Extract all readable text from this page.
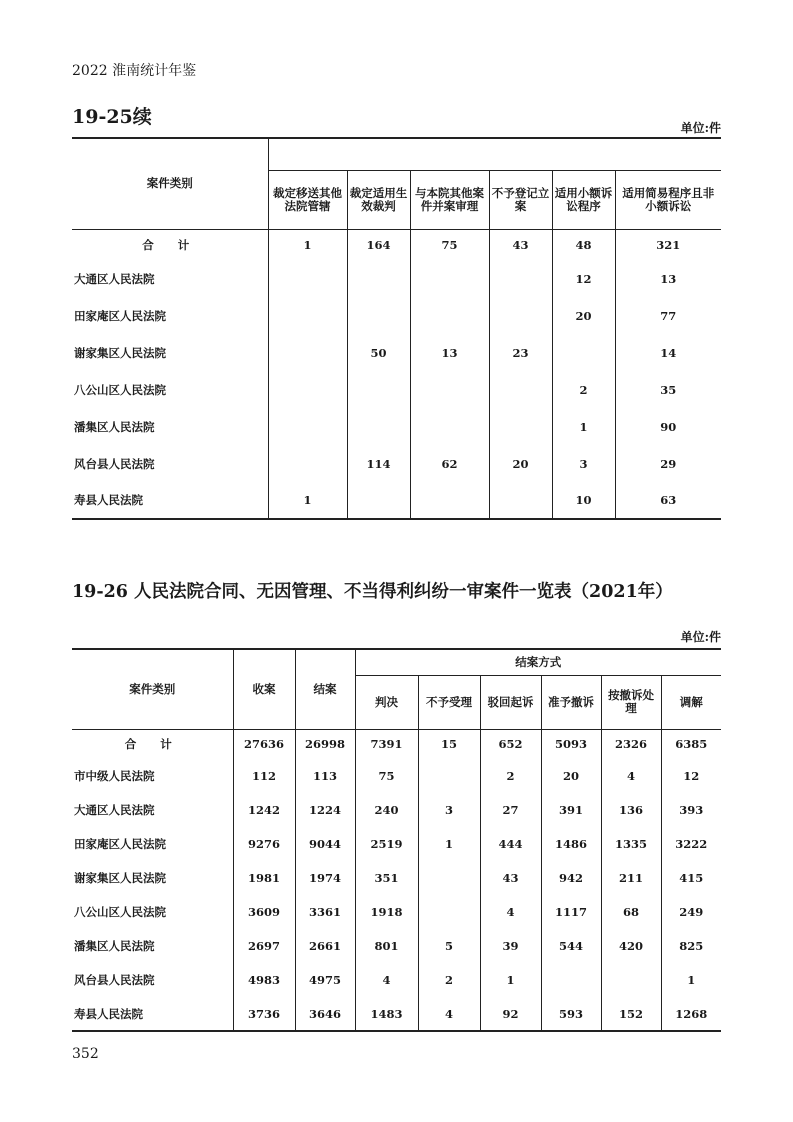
2022 淮南统计年鉴
19-25续	单位:件
案件类别						
	裁定移送其他法院管辖	裁定适用生效裁判	与本院其他案件并案审理	不予登记立案	适用小额诉讼程序	适用简易程序且非小额诉讼
合 计	1	164	75	43	48	321
大通区人民法院					12	13
田家庵区人民法院					20	77
谢家集区人民法院		50	13	23		14
八公山区人民法院					2	35
潘集区人民法院					1	90
风台县人民法院		114	62	20	3	29
寿县人民法院	1				10	63
19-26 人民法院合同、无因管理、不当得利纠纷一审案件一览表（2021年）
单位:件
案件类别	收案	结案	结案方式					
			判决	不予受理	驳回起诉	准予撤诉	按撤诉处理	调解
合 计	27636	26998	7391	15	652	5093	2326	6385
市中级人民法院	112	113	75		2	20	4	12
大通区人民法院	1242	1224	240	3	27	391	136	393
田家庵区人民法院	9276	9044	2519	1	444	1486	1335	3222
谢家集区人民法院	1981	1974	351		43	942	211	415
八公山区人民法院	3609	3361	1918		4	1117	68	249
潘集区人民法院	2697	2661	801	5	39	544	420	825
风台县人民法院	4983	4975	4	2	1			1
寿县人民法院	3736	3646	1483	4	92	593	152	1268
352
